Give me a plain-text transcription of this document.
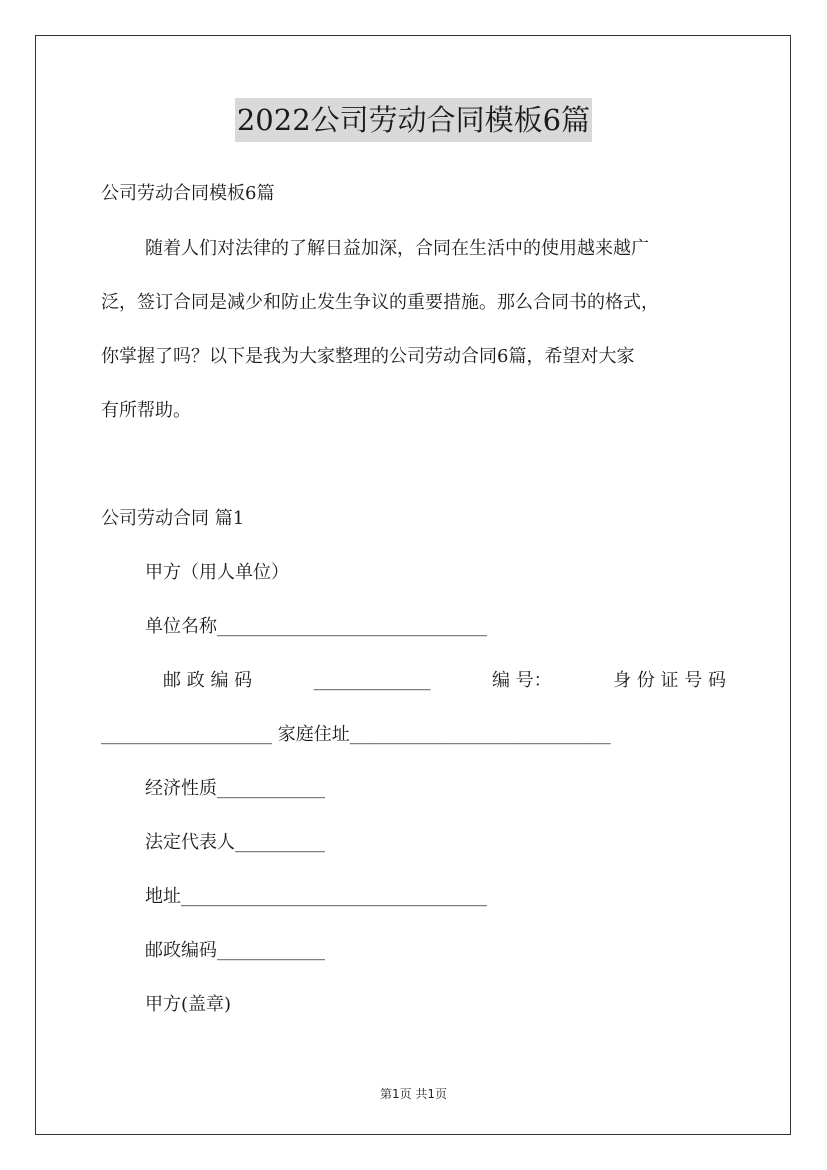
2022公司劳动合同模板6篇
公司劳动合同模板6篇
随着人们对法律的了解日益加深，合同在生活中的使用越来越广
泛，签订合同是减少和防止发生争议的重要措施。那么合同书的格式，
你掌握了吗？以下是我为大家整理的公司劳动合同6篇，希望对大家
有所帮助。
公司劳动合同 篇1
甲方（用人单位）
单位名称______________________________
邮 政 编 码	_____________	编 号：	身 份 证 号 码
___________________ 家庭住址_____________________________
经济性质____________
法定代表人__________
地址__________________________________
邮政编码____________
甲方(盖章)
第1页 共1页
